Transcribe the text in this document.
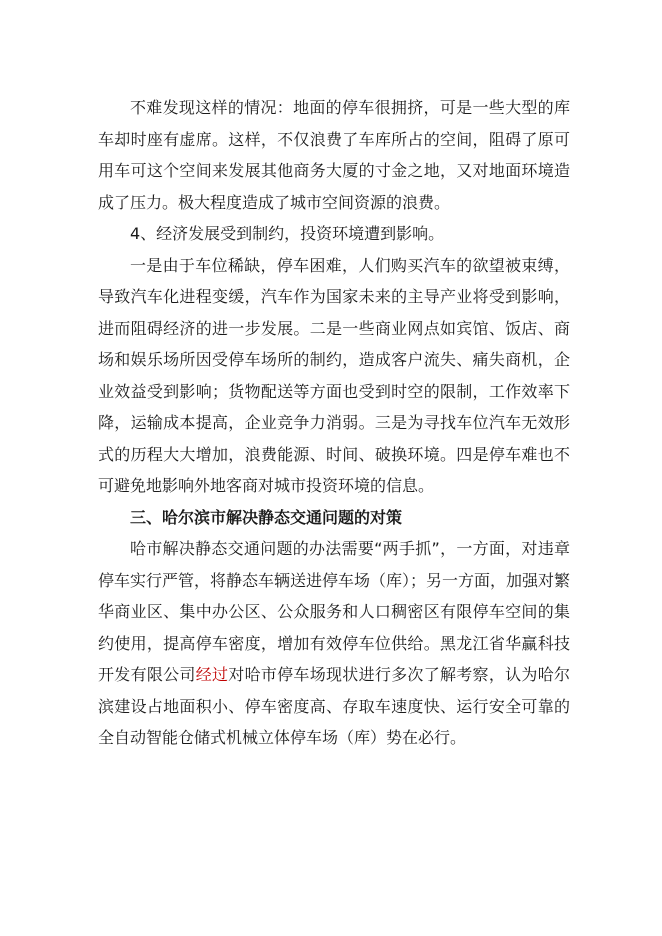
不难发现这样的情况：地面的停车很拥挤，可是一些大型的库车却时座有虚席。这样，不仅浪费了车库所占的空间，阻碍了原可用车可这个空间来发展其他商务大厦的寸金之地，又对地面环境造成了压力。极大程度造成了城市空间资源的浪费。

4、经济发展受到制约，投资环境遭到影响。

一是由于车位稀缺，停车困难，人们购买汽车的欲望被束缚，导致汽车化进程变缓，汽车作为国家未来的主导产业将受到影响，进而阻碍经济的进一步发展。二是一些商业网点如宾馆、饭店、商场和娱乐场所因受停车场所的制约，造成客户流失、痛失商机，企业效益受到影响；货物配送等方面也受到时空的限制，工作效率下降，运输成本提高，企业竞争力消弱。三是为寻找车位汽车无效形式的历程大大增加，浪费能源、时间、破换环境。四是停车难也不可避免地影响外地客商对城市投资环境的信息。

三、哈尔滨市解决静态交通问题的对策

哈市解决静态交通问题的办法需要“两手抓”，一方面，对违章停车实行严管，将静态车辆送进停车场（库）；另一方面，加强对繁华商业区、集中办公区、公众服务和人口稠密区有限停车空间的集约使用，提高停车密度，增加有效停车位供给。黑龙江省华赢科技开发有限公司经过对哈市停车场现状进行多次了解考察，认为哈尔滨建设占地面积小、停车密度高、存取车速度快、运行安全可靠的全自动智能仓储式机械立体停车场（库）势在必行。
